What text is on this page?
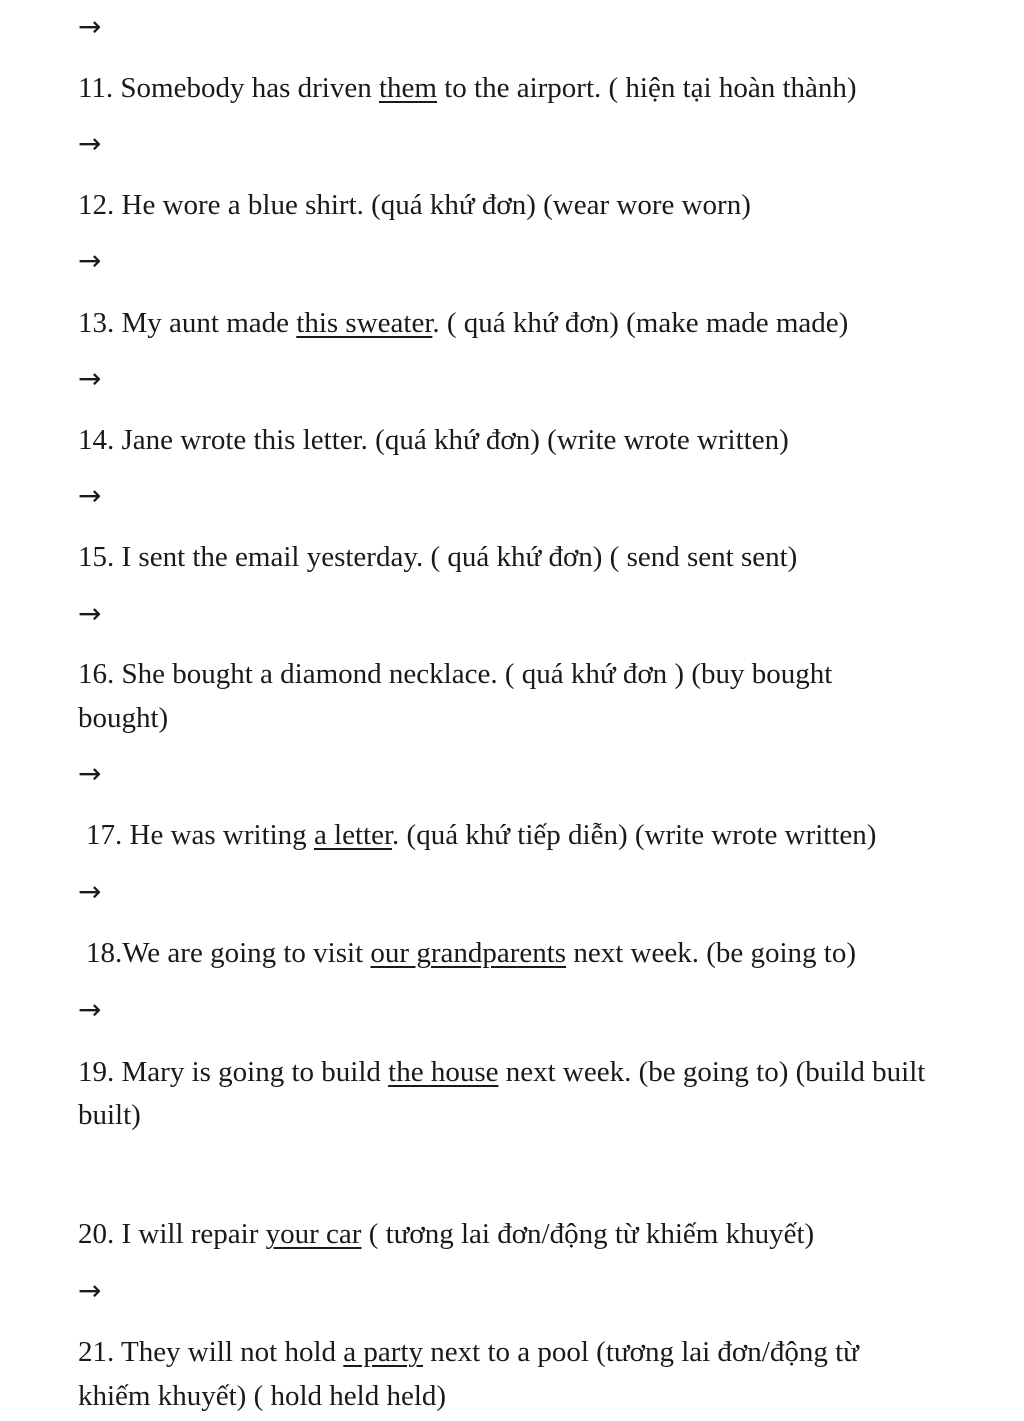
→
11. Somebody has driven them to the airport. ( hiện tại hoàn thành)
→
12. He wore a blue shirt. (quá khứ đơn) (wear wore worn)
→
13. My aunt made this sweater. ( quá khứ đơn) (make made made)
→
14. Jane wrote this letter. (quá khứ đơn) (write wrote written)
→
15. I sent the email yesterday. ( quá khứ đơn) ( send sent sent)
→
16. She bought a diamond necklace. ( quá khứ đơn ) (buy bought
bought)
→
17. He was writing a letter. (quá khứ tiếp diễn) (write wrote written)
→
18.We are going to visit our grandparents next week. (be going to)
→
19. Mary is going to build the house next week. (be going to) (build built
built)
20. I will repair your car ( tương lai đơn/động từ khiếm khuyết)
→
21. They will not hold a party next to a pool (tương lai đơn/động từ
khiếm khuyết) ( hold held held)
